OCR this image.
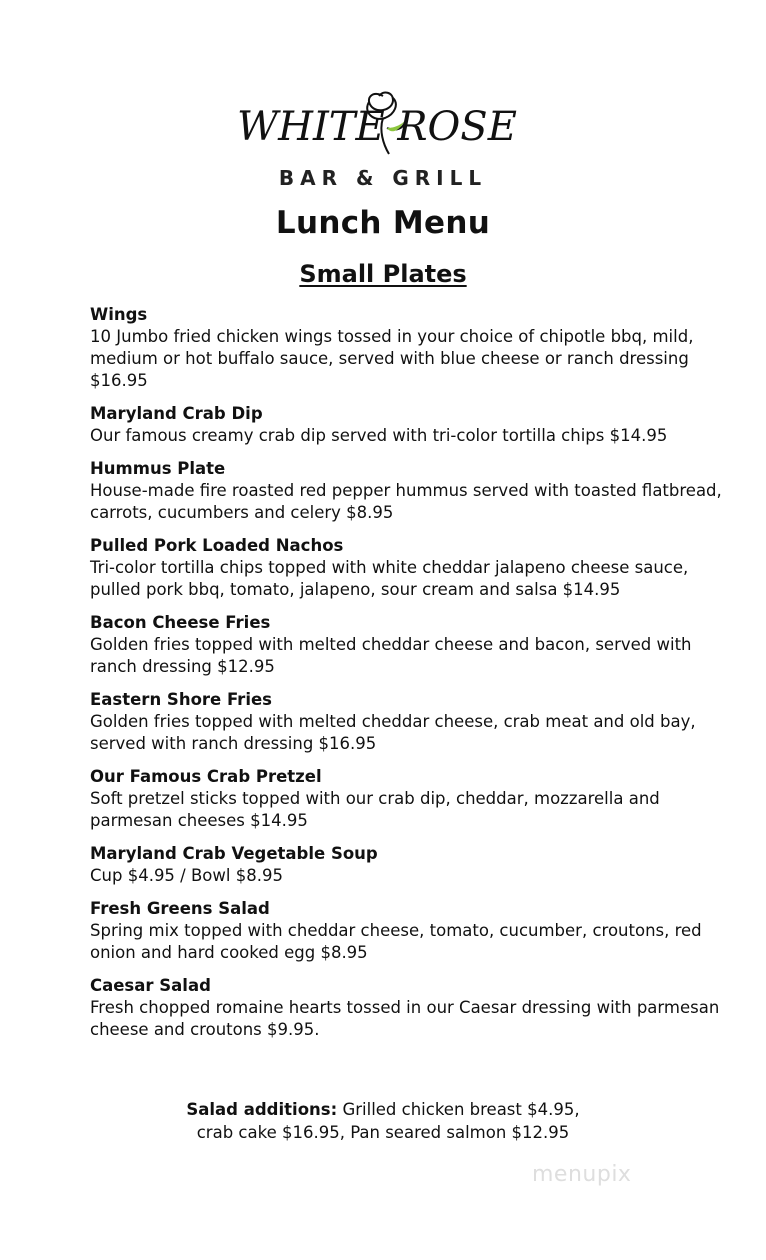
WHITE ROSE
BAR & GRILL
Lunch Menu
Small Plates
Wings
10 Jumbo fried chicken wings tossed in your choice of chipotle bbq, mild, medium or hot buffalo sauce, served with blue cheese or ranch dressing $16.95
Maryland Crab Dip
Our famous creamy crab dip served with tri-color tortilla chips $14.95
Hummus Plate
House-made fire roasted red pepper hummus served with toasted flatbread, carrots, cucumbers and celery $8.95
Pulled Pork Loaded Nachos
Tri-color tortilla chips topped with white cheddar jalapeno cheese sauce, pulled pork bbq, tomato, jalapeno, sour cream and salsa $14.95
Bacon Cheese Fries
Golden fries topped with melted cheddar cheese and bacon, served with ranch dressing $12.95
Eastern Shore Fries
Golden fries topped with melted cheddar cheese, crab meat and old bay, served with ranch dressing $16.95
Our Famous Crab Pretzel
Soft pretzel sticks topped with our crab dip, cheddar, mozzarella and parmesan cheeses $14.95
Maryland Crab Vegetable Soup
Cup $4.95 / Bowl $8.95
Fresh Greens Salad
Spring mix topped with cheddar cheese, tomato, cucumber, croutons, red onion and hard cooked egg $8.95
Caesar Salad
Fresh chopped romaine hearts tossed in our Caesar dressing with parmesan cheese and croutons $9.95.
Salad additions: Grilled chicken breast $4.95,
crab cake $16.95, Pan seared salmon $12.95
menupix
